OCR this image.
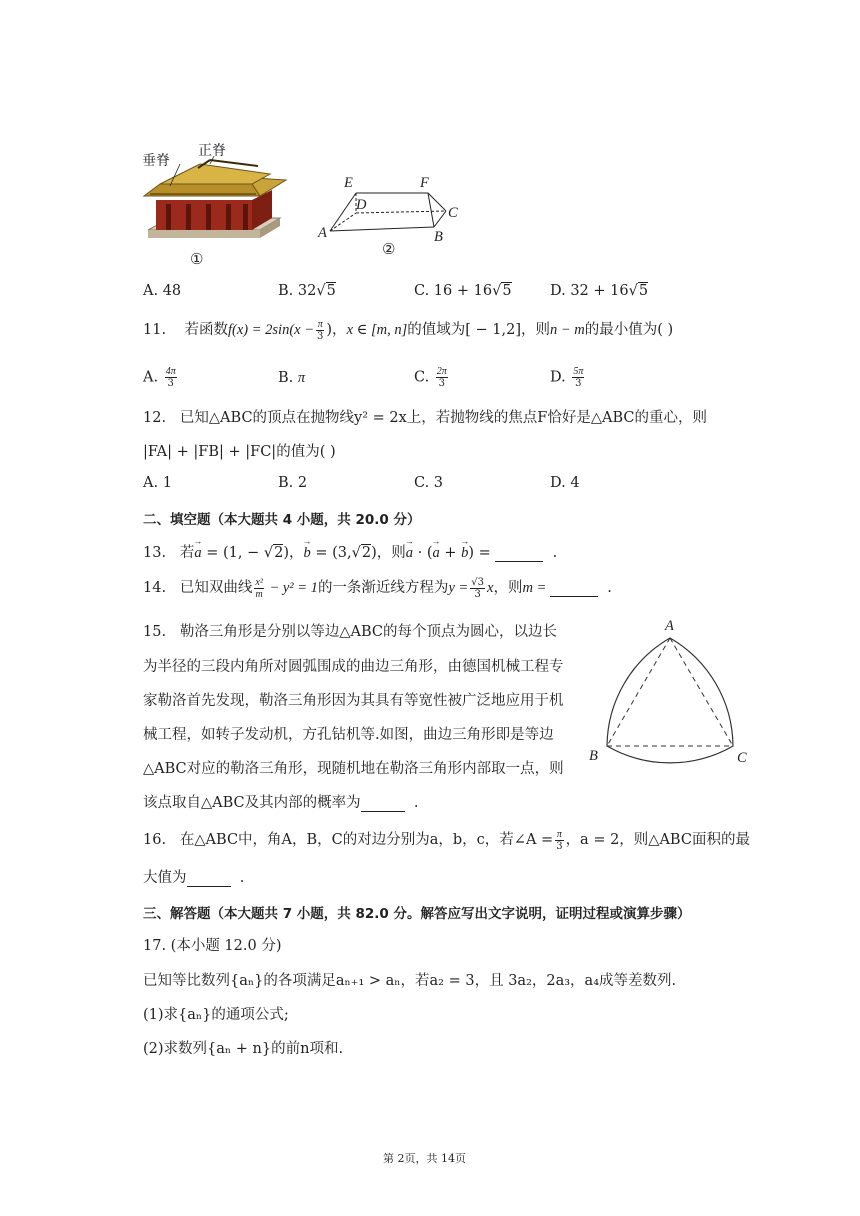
垂脊
正脊
①
E	F
D	C
A	B
②
A. 48	B. 32√5	C. 16 + 16√5	D. 32 + 16√5
11. 若函数$f(x) = 2\sin(x - \frac{\pi}{3}$ )，x ∈ [m, n]的值域为[ − 1,2]，则n − m的最小值为( )
A. $\frac{4\pi}{3}$	B. π	C. $\frac{2\pi}{3}$	D. $\frac{5\pi}{3}$
12. 已知△ABC的顶点在抛物线y² = 2x上，若抛物线的焦点F恰好是△ABC的重心，则
|FA| + |FB| + |FC|的值为( )
A. 1	B. 2	C. 3	D. 4
二、填空题（本大题共 4 小题，共 20.0 分）
13. 若→ a = (1, − √2)，→ b = (3,√2)，则→ a · (→ a + → b) =	.
14. 已知双曲线 $\frac{\text{x²}}{m} - y^2 = 1$的一条渐近线方程为$y = \frac{√3}{3}$ x，则m =	.
15. 勒洛三角形是分别以等边△ABC的每个顶点为圆心，以边长
为半径的三段内角所对圆弧围成的曲边三角形，由德国机械工程专
家勒洛首先发现，勒洛三角形因为其具有等宽性被广泛地应用于机
械工程，如转子发动机，方孔钻机等.如图，曲边三角形即是等边
△ABC对应的勒洛三角形，现随机地在勒洛三角形内部取一点，则
该点取自△ABC及其内部的概率为	.
A
B	C
16. 在△ABC中，角A，B，C的对边分别为a，b，c，若∠A = $\frac{\pi}{3}$ ，a = 2，则△ABC面积的最
大值为	.
三、解答题（本大题共 7 小题，共 82.0 分。解答应写出文字说明，证明过程或演算步骤）
17. (本小题 12.0 分)
已知等比数列{aₙ}的各项满足aₙ₊₁ > aₙ，若a₂ = 3，且 3a₂，2a₃，a₄成等差数列.
(1)求{aₙ}的通项公式;
(2)求数列{aₙ + n}的前n项和.
第 2页，共 14页
